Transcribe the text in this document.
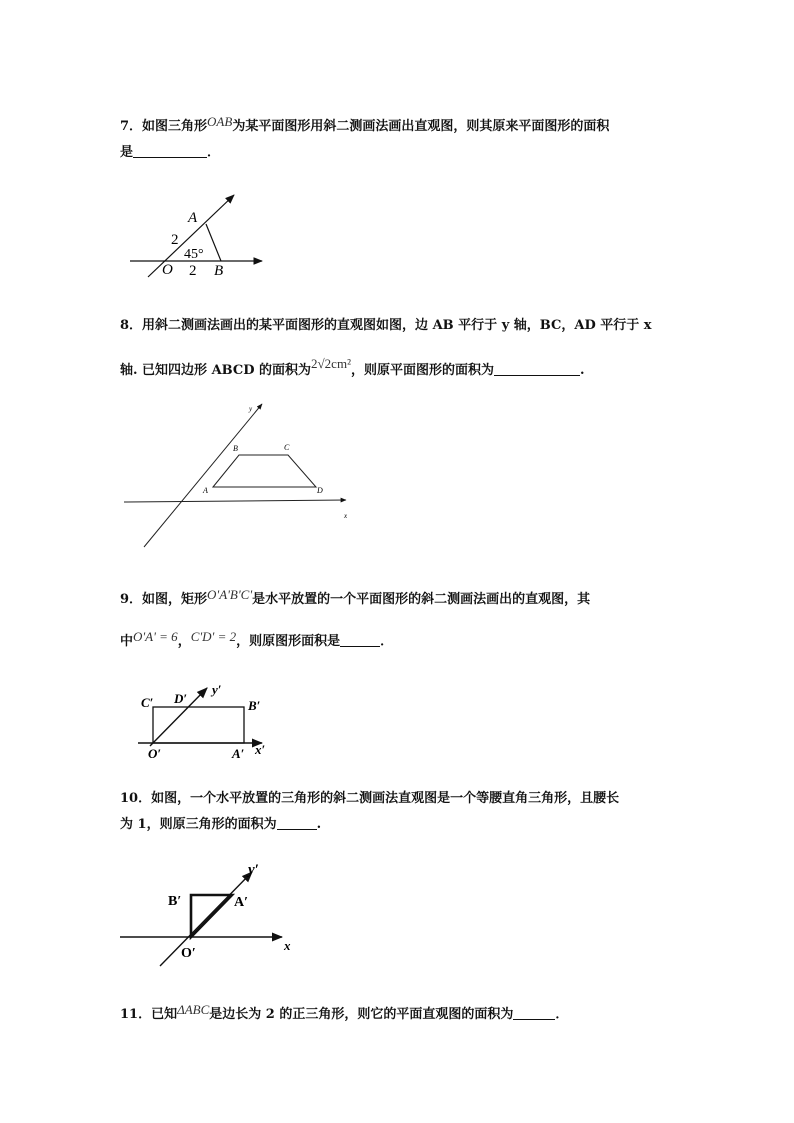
7．如图三角形OAB为某平面图形用斜二测画法画出直观图，则其原来平面图形的面积
是	．
A
2
45°
O 2 B
8．用斜二测画法画出的某平面图形的直观图如图，边 AB 平行于 y 轴，BC，AD 平行于 x
轴. 已知四边形 ABCD 的面积为2√2cm²，则原平面图形的面积为	.
y
B	C
A	D
x
9．如图，矩形O'A'B'C'是水平放置的一个平面图形的斜二测画法画出的直观图，其
中O'A' = 6，C'D' = 2，则原图形面积是	．
C′ D′
y′
B′
O′	A′ x′
10．如图，一个水平放置的三角形的斜二测画法直观图是一个等腰直角三角形，且腰长
为 1，则原三角形的面积为	.
y′
B′	A′
O′
x
11．已知ΔABC是边长为 2 的正三角形，则它的平面直观图的面积为	．
